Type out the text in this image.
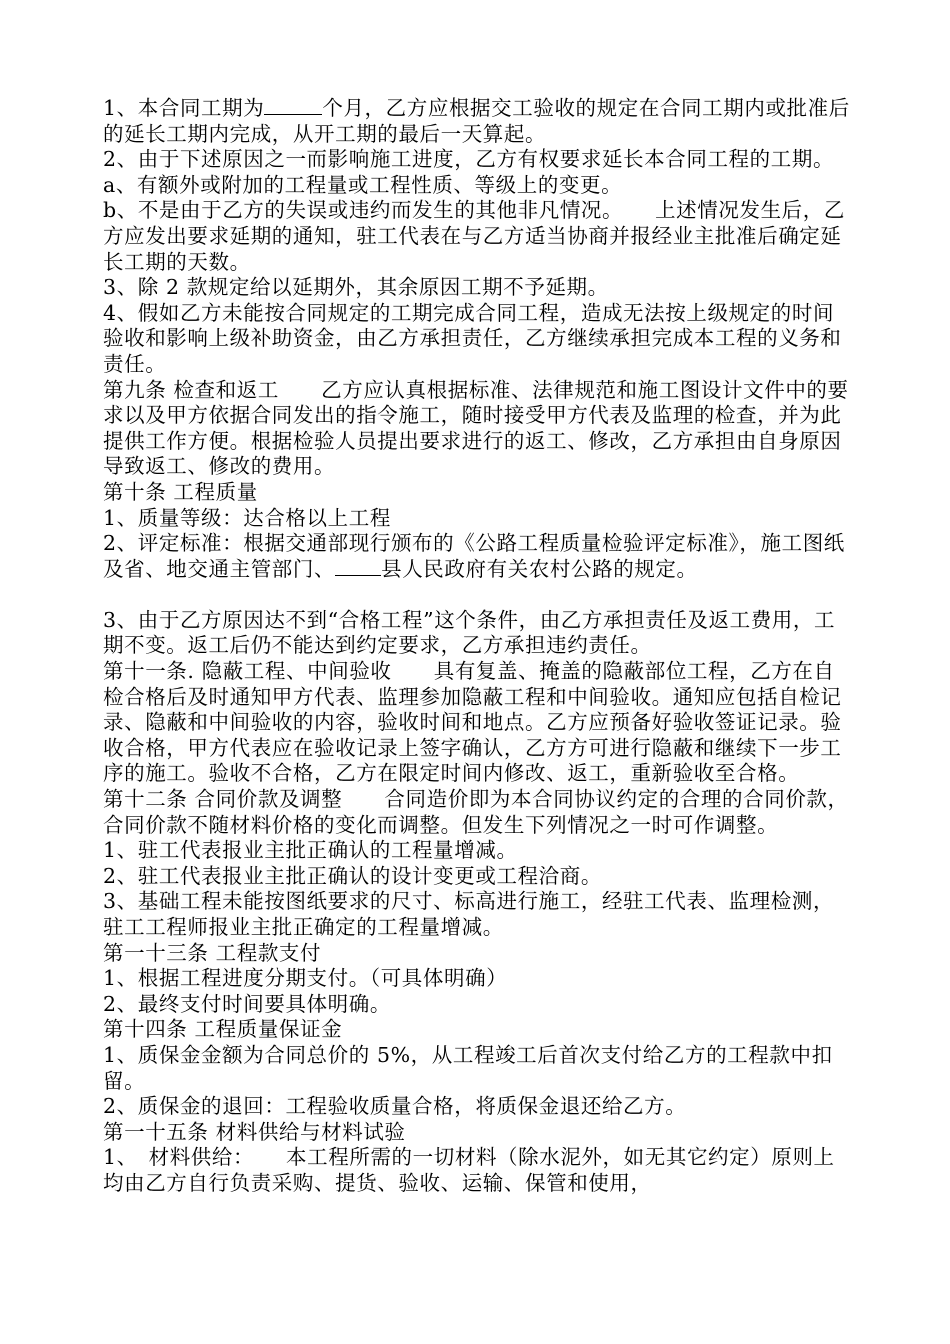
1、本合同工期为	个月，乙方应根据交工验收的规定在合同工期内或批准后的延长工期内完成，从开工期的最后一天算起。

2、由于下述原因之一而影响施工进度，乙方有权要求延长本合同工程的工期。

a、有额外或附加的工程量或工程性质、等级上的变更。

b、不是由于乙方的失误或违约而发生的其他非凡情况。　　上述情况发生后，乙方应发出要求延期的通知，驻工代表在与乙方适当协商并报经业主批准后确定延长工期的天数。

3、除 2 款规定给以延期外，其余原因工期不予延期。

4、假如乙方未能按合同规定的工期完成合同工程，造成无法按上级规定的时间验收和影响上级补助资金，由乙方承担责任，乙方继续承担完成本工程的义务和责任。

第九条 检查和返工　　乙方应认真根据标准、法律规范和施工图设计文件中的要求以及甲方依据合同发出的指令施工，随时接受甲方代表及监理的检查，并为此提供工作方便。根据检验人员提出要求进行的返工、修改，乙方承担由自身原因导致返工、修改的费用。

第十条 工程质量

1、质量等级：达合格以上工程

2、评定标准：根据交通部现行颁布的《公路工程质量检验评定标准》，施工图纸及省、地交通主管部门、 县人民政府有关农村公路的规定。

3、由于乙方原因达不到“合格工程”这个条件，由乙方承担责任及返工费用，工期不变。返工后仍不能达到约定要求，乙方承担违约责任。

第十一条. 隐蔽工程、中间验收　　具有复盖、掩盖的隐蔽部位工程，乙方在自检合格后及时通知甲方代表、监理参加隐蔽工程和中间验收。通知应包括自检记录、隐蔽和中间验收的内容，验收时间和地点。乙方应预备好验收签证记录。验收合格，甲方代表应在验收记录上签字确认，乙方方可进行隐蔽和继续下一步工序的施工。验收不合格，乙方在限定时间内修改、返工，重新验收至合格。

第十二条 合同价款及调整　　合同造价即为本合同协议约定的合理的合同价款，合同价款不随材料价格的变化而调整。但发生下列情况之一时可作调整。

1、驻工代表报业主批正确认的工程量增减。

2、驻工代表报业主批正确认的设计变更或工程洽商。

3、基础工程未能按图纸要求的尺寸、标高进行施工，经驻工代表、监理检测，驻工工程师报业主批正确定的工程量增减。

第一十三条 工程款支付

1、根据工程进度分期支付。（可具体明确）

2、最终支付时间要具体明确。

第十四条 工程质量保证金

1、质保金金额为合同总价的 5%，从工程竣工后首次支付给乙方的工程款中扣留。

2、质保金的退回：工程验收质量合格，将质保金退还给乙方。

第一十五条 材料供给与材料试验

1、　材料供给：　　本工程所需的一切材料（除水泥外，如无其它约定）原则上均由乙方自行负责采购、提货、验收、运输、保管和使用，
